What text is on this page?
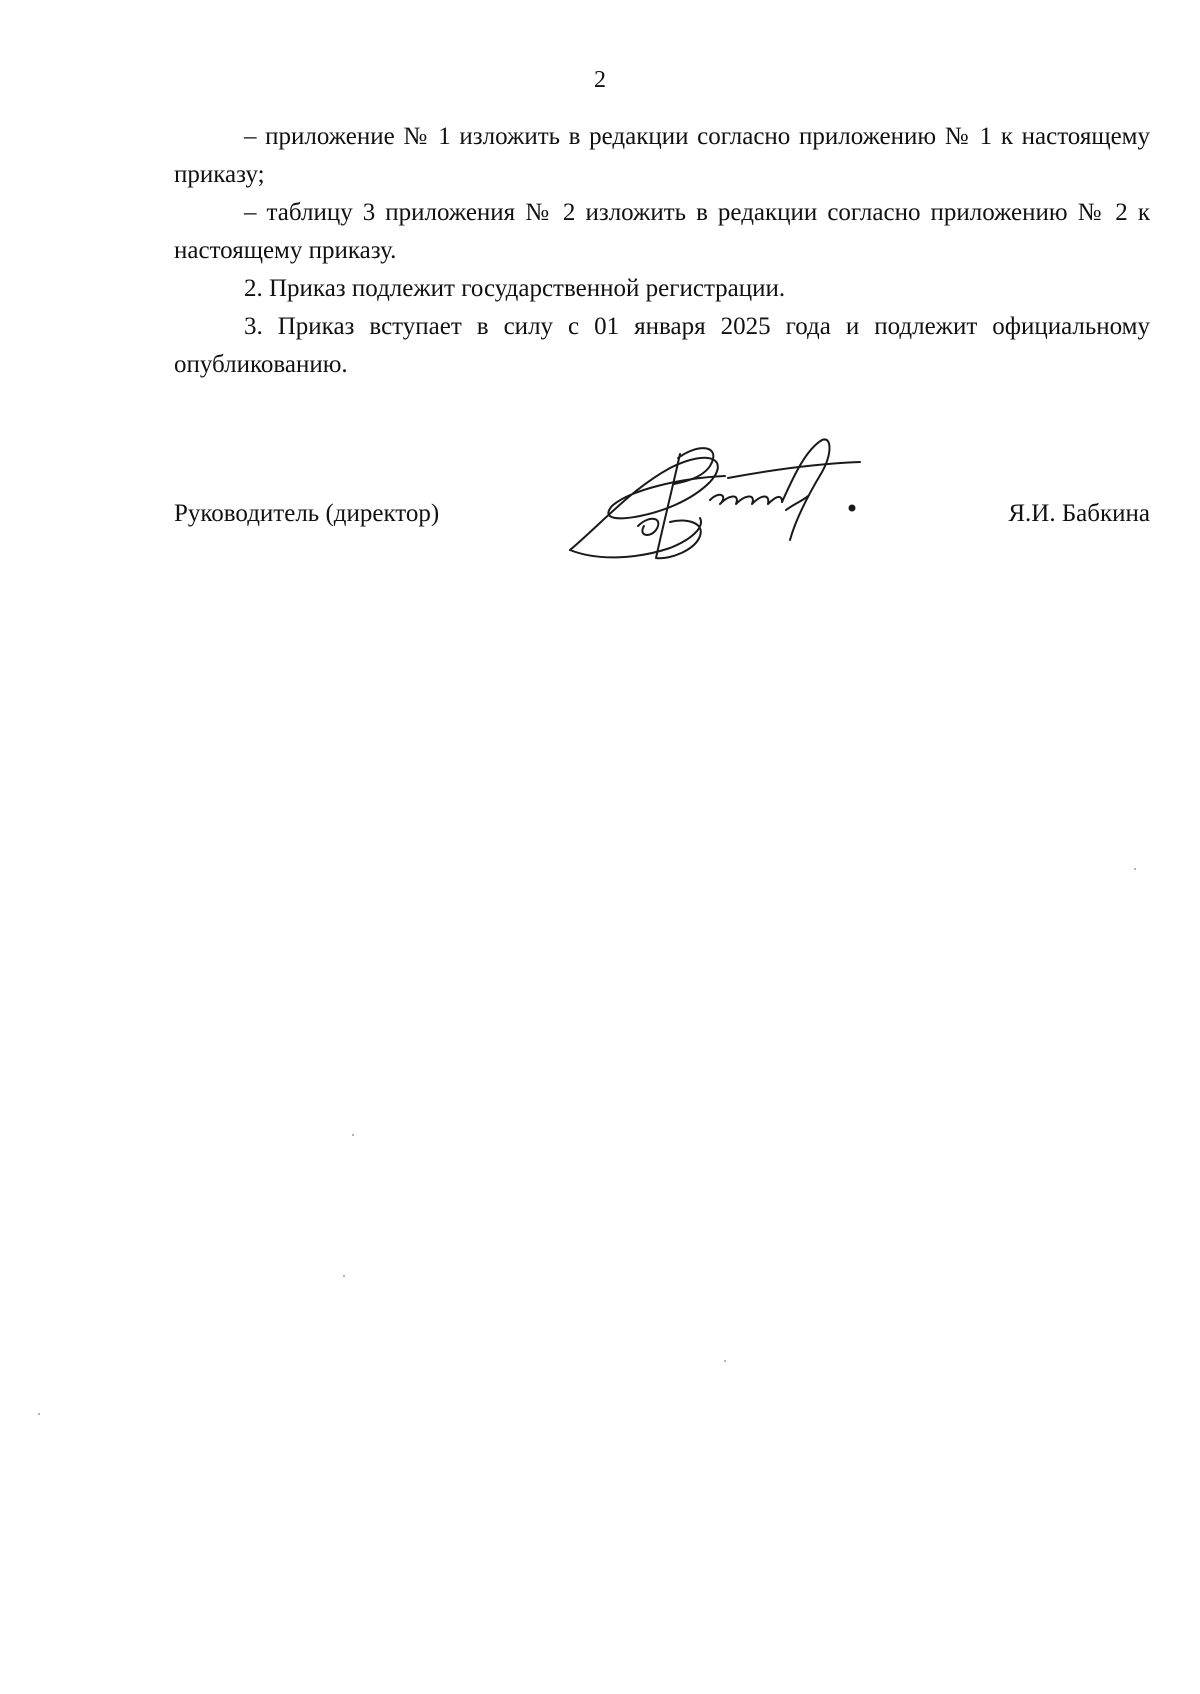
2

– приложение № 1 изложить в редакции согласно приложению № 1 к настоящему приказу;

– таблицу 3 приложения № 2 изложить в редакции согласно приложению № 2 к настоящему приказу.

2. Приказ подлежит государственной регистрации.

3. Приказ вступает в силу с 01 января 2025 года и подлежит официальному опубликованию.

Руководитель (директор)	Я.И. Бабкина
